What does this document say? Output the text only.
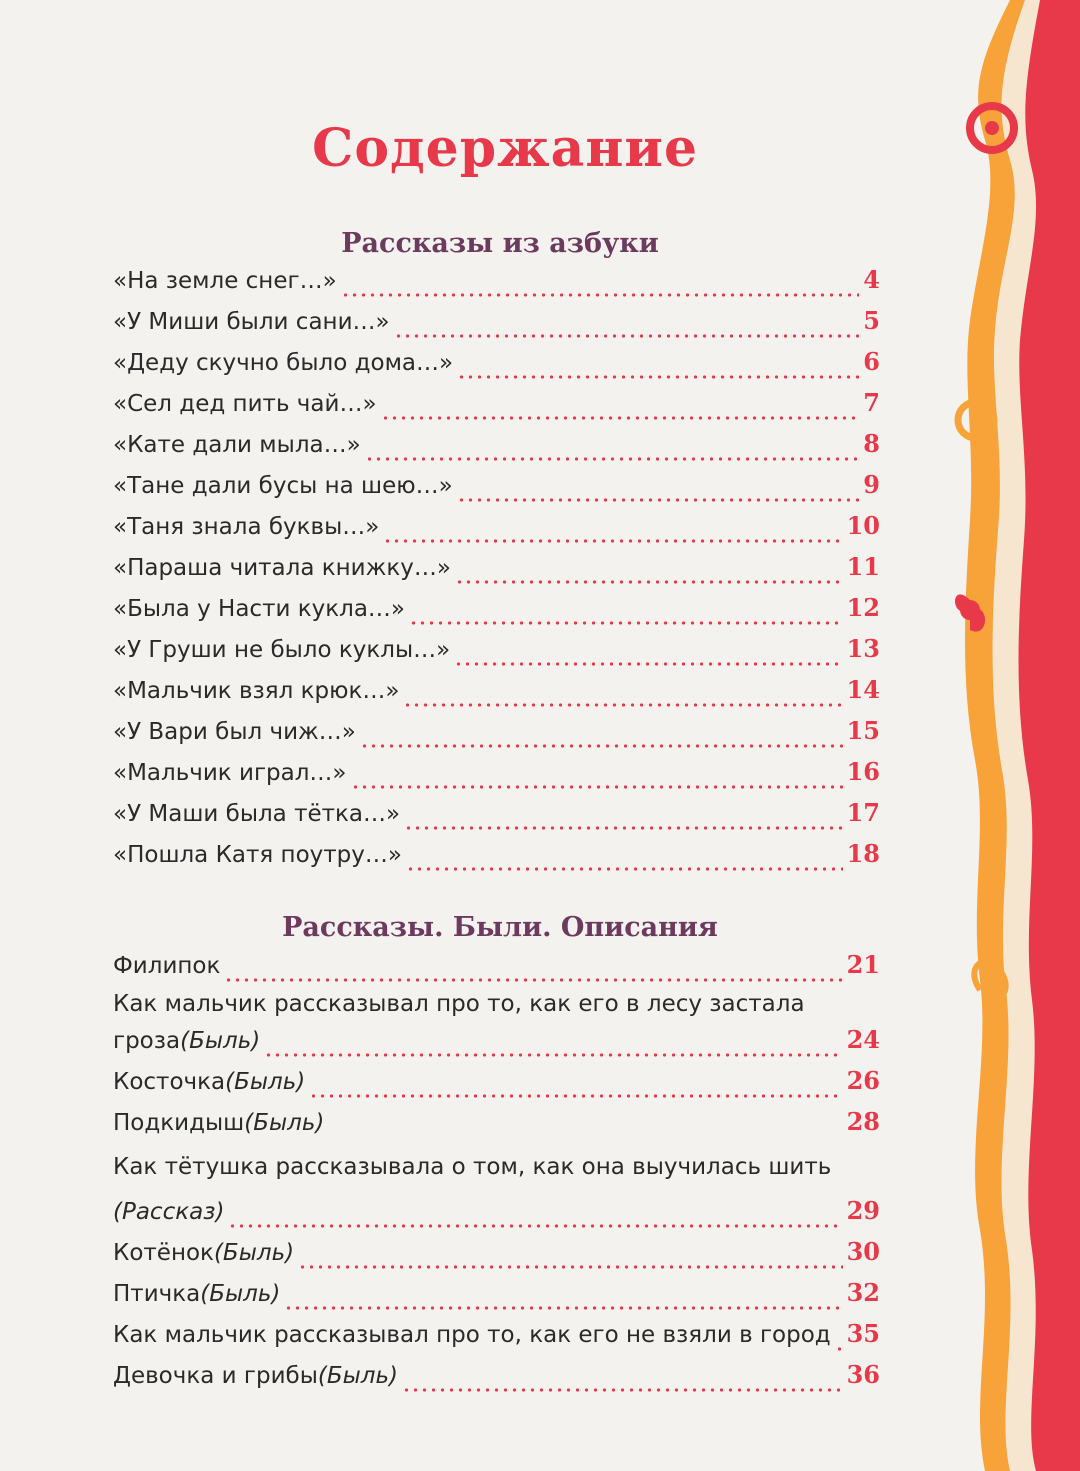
Содержание
Рассказы из азбуки
«На земле снег…»	4
«У Миши были сани…»	5
«Деду скучно было дома…»	6
«Сел дед пить чай…»	7
«Кате дали мыла…»	8
«Тане дали бусы на шею…»	9
«Таня знала буквы…»	10
«Параша читала книжку…»	11
«Была у Насти кукла…»	12
«У Груши не было куклы…»	13
«Мальчик взял крюк…»	14
«У Вари был чиж…»	15
«Мальчик играл…»	16
«У Маши была тётка…»	17
«Пошла Катя поутру…»	18
Рассказы. Были. Описания
Филипок	21
Как мальчик рассказывал про то, как его в лесу застала
гроза (Быль)	24
Косточка (Быль)	26
Подкидыш (Быль)	28
Как тётушка рассказывала о том, как она выучилась шить
(Рассказ)	29
Котёнок (Быль)	30
Птичка (Быль)	32
Как мальчик рассказывал про то, как его не взяли в город 35
Девочка и грибы (Быль)	36
